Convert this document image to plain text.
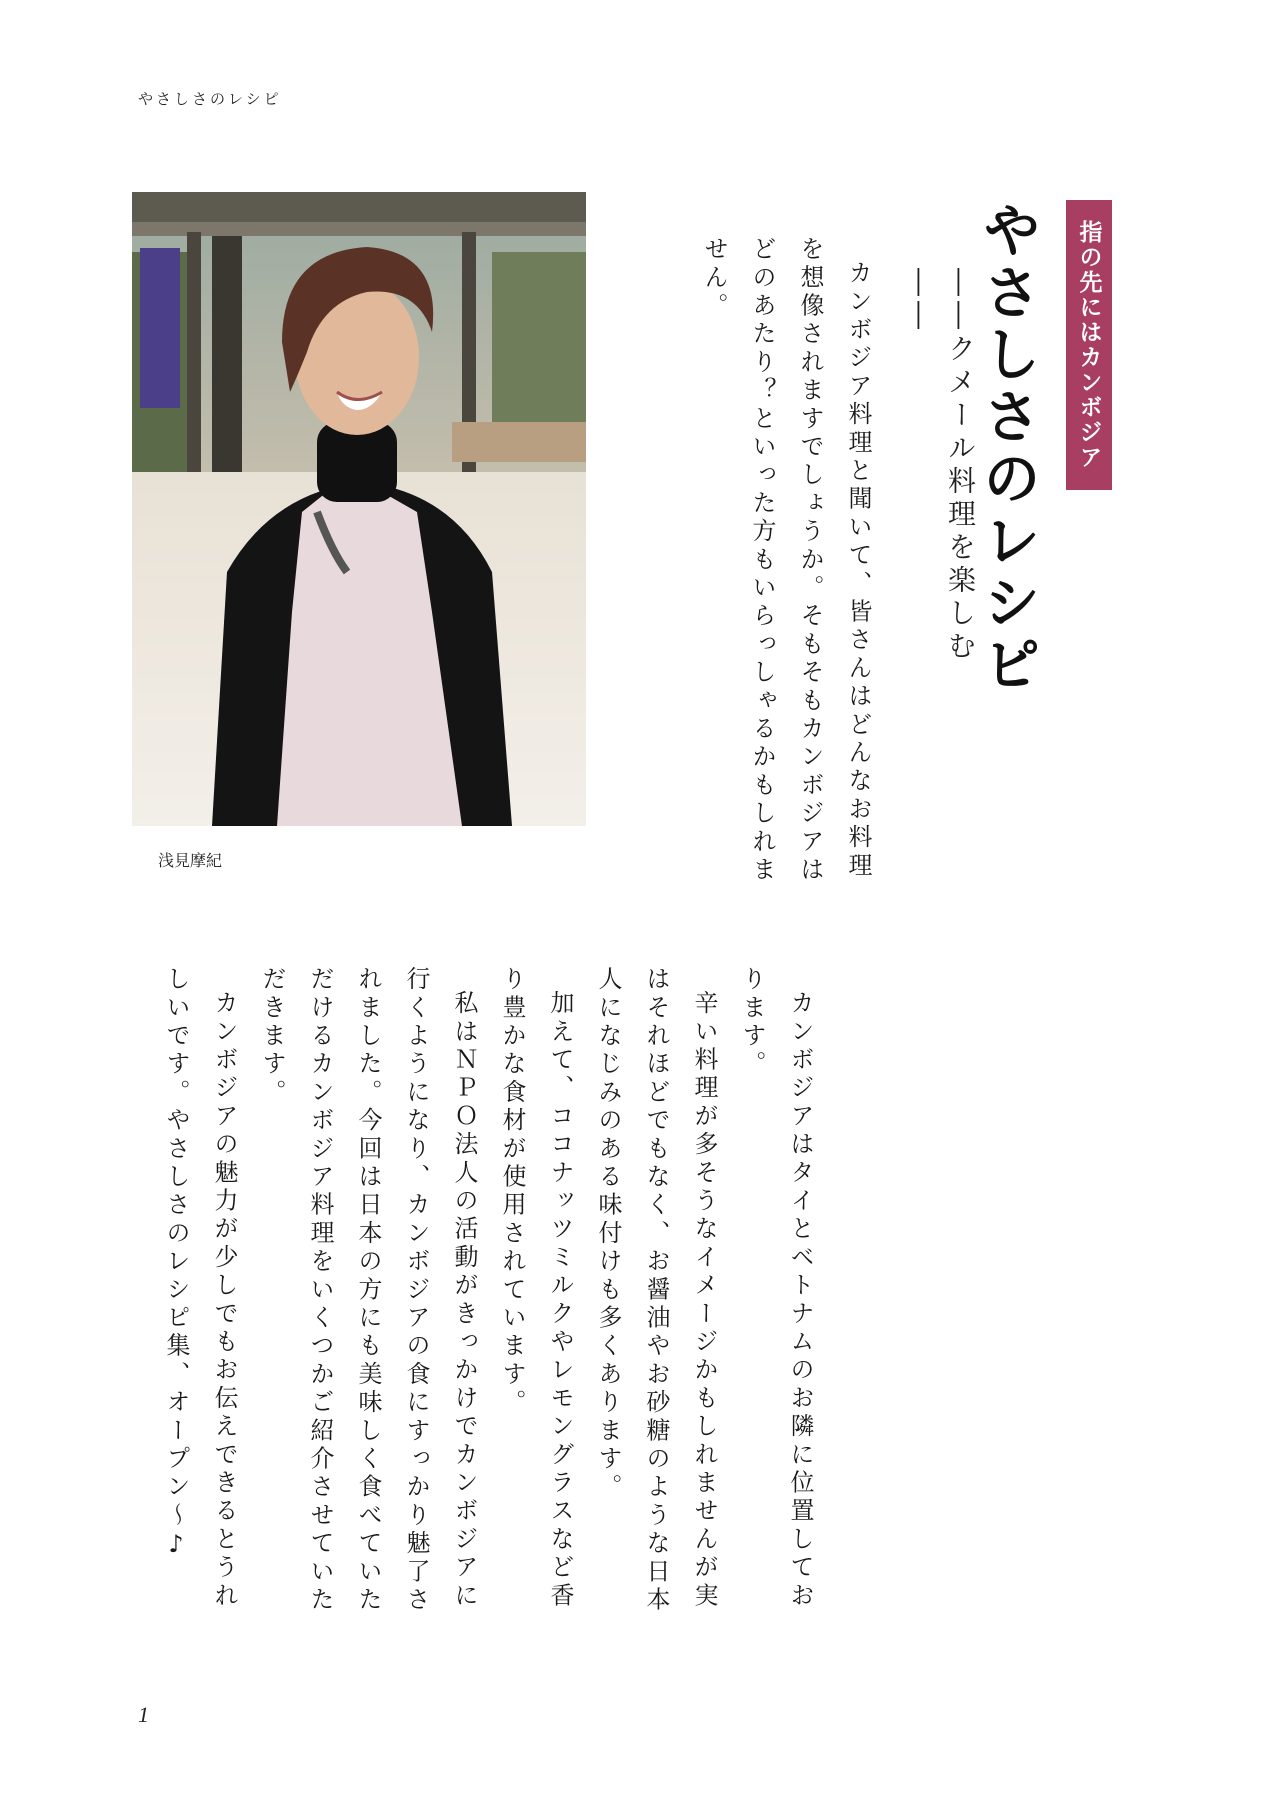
やさしさのレシピ
浅見摩紀
指の先にはカンボジア
やさしさのレシピ
――クメール料理を楽しむ――

カンボジア料理と聞いて、皆さんはどんなお料理を想像されますでしょうか。そもそもカンボジアはどのあたり？といった方もいらっしゃるかもしれません。

カンボジアはタイとベトナムのお隣に位置しております。

辛い料理が多そうなイメージかもしれませんが実はそれほどでもなく、お醤油やお砂糖のような日本人になじみのある味付けも多くあります。

加えて、ココナッツミルクやレモングラスなど香り豊かな食材が使用されています。

私はＮＰＯ法人の活動がきっかけでカンボジアに行くようになり、カンボジアの食にすっかり魅了されました。今回は日本の方にも美味しく食べていただけるカンボジア料理をいくつかご紹介させていただきます。

カンボジアの魅力が少しでもお伝えできるとうれしいです。やさしさのレシピ集、オープン～♪

1
